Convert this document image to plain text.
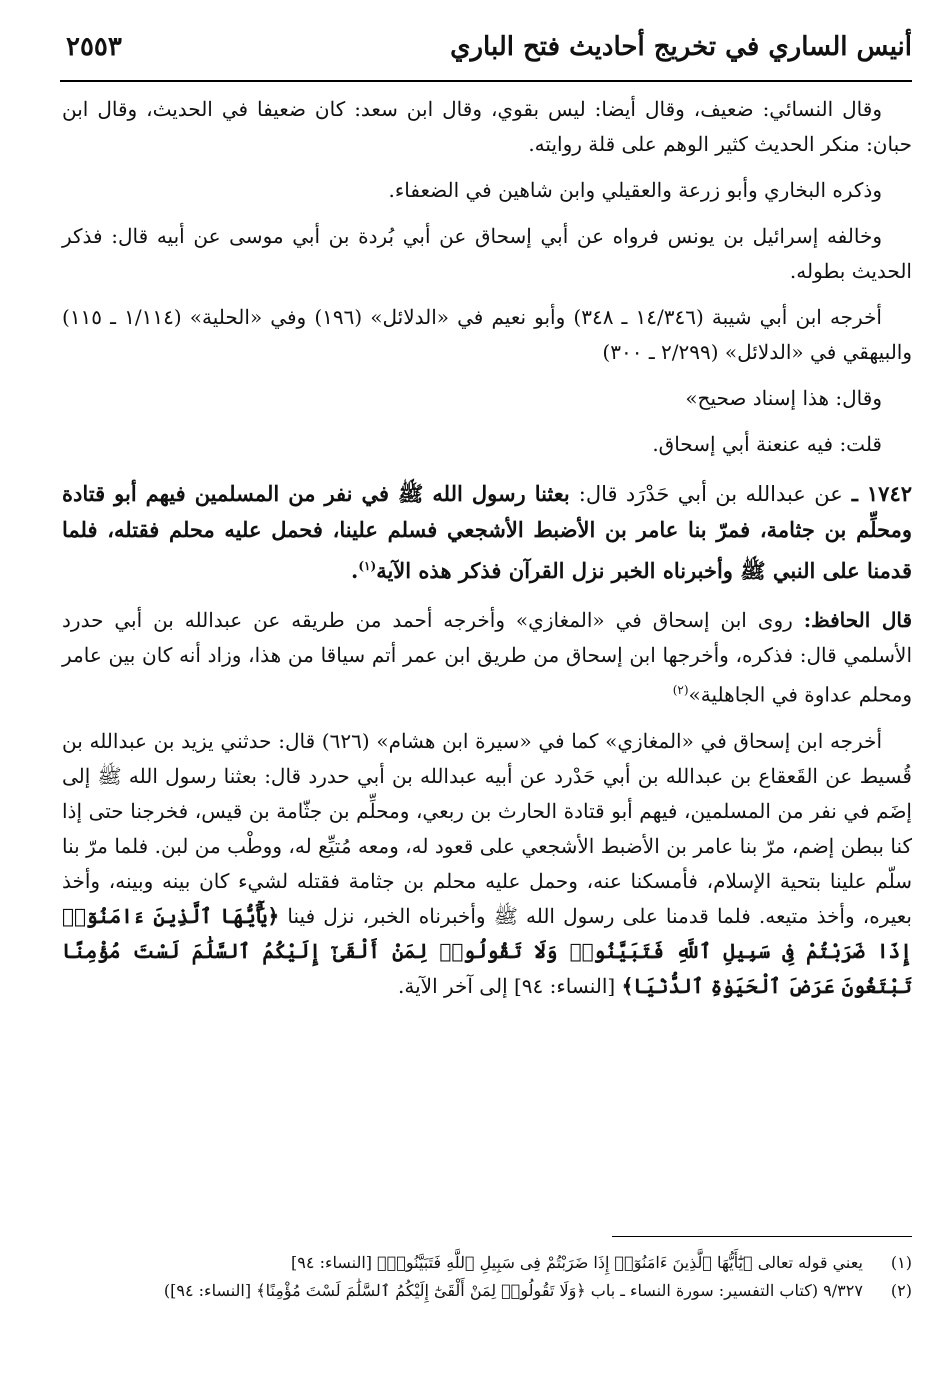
أنيس الساري في تخريج أحاديث فتح الباري
٢٥٥٣

وقال النسائي: ضعيف، وقال أيضا: ليس بقوي، وقال ابن سعد: كان ضعيفا في الحديث، وقال ابن حبان: منكر الحديث كثير الوهم على قلة روايته.

وذكره البخاري وأبو زرعة والعقيلي وابن شاهين في الضعفاء.

وخالفه إسرائيل بن يونس فرواه عن أبي إسحاق عن أبي بُردة بن أبي موسى عن أبيه قال: فذكر الحديث بطوله.

أخرجه ابن أبي شيبة (١٤/٣٤٦ ـ ٣٤٨) وأبو نعيم في «الدلائل» (١٩٦) وفي «الحلية» (١/١١٤ ـ ١١٥) والبيهقي في «الدلائل» (٢/٢٩٩ ـ ٣٠٠)

وقال: هذا إسناد صحيح»

قلت: فيه عنعنة أبي إسحاق.

١٧٤٢ ـ عن عبدالله بن أبي حَدْرَد قال: بعثنا رسول الله ﷺ في نفر من المسلمين فيهم أبو قتادة ومحلِّم بن جثامة، فمرّ بنا عامر بن الأضبط الأشجعي فسلم علينا، فحمل عليه محلم فقتله، فلما قدمنا على النبي ﷺ وأخبرناه الخبر نزل القرآن فذكر هذه الآية$^{(١)}$.

قال الحافظ: روى ابن إسحاق في «المغازي» وأخرجه أحمد من طريقه عن عبدالله بن أبي حدرد الأسلمي قال: فذكره، وأخرجها ابن إسحاق من طريق ابن عمر أتم سياقا من هذا، وزاد أنه كان بين عامر ومحلم عداوة في الجاهلية»$^{(٢)}$

أخرجه ابن إسحاق في «المغازي» كما في «سيرة ابن هشام» (٦٢٦) قال: حدثني يزيد بن عبدالله بن قُسيط عن القَعقاع بن عبدالله بن أبي حَدْرد عن أبيه عبدالله بن أبي حدرد قال: بعثنا رسول الله ﷺ إلى إضَم في نفر من المسلمين، فيهم أبو قتادة الحارث بن ربعي، ومحلِّم بن جثّامة بن قيس، فخرجنا حتى إذا كنا ببطن إضم، مرّ بنا عامر بن الأضبط الأشجعي على قعود له، ومعه مُتيِّع له، ووطْب من لبن. فلما مرّ بنا سلّم علينا بتحية الإسلام، فأمسكنا عنه، وحمل عليه محلم بن جثامة فقتله لشيء كان بينه وبينه، وأخذ بعيره، وأخذ متيعه. فلما قدمنا على رسول الله ﷺ وأخبرناه الخبر، نزل فينا ﴿يَٰٓأَيُّهَا ٱلَّذِينَ ءَامَنُوٓا۟ إِذَا ضَرَبْتُمْ فِى سَبِيلِ ٱللَّهِ فَتَبَيَّنُوا۟ وَلَا تَقُولُوا۟ لِمَنْ أَلْقَىٰٓ إِلَيْكُمُ ٱلسَّلَٰمَ لَسْتَ مُؤْمِنًا تَبْتَغُونَ عَرَضَ ٱلْحَيَوٰةِ ٱلدُّنْيَا﴾ [النساء: ٩٤] إلى آخر الآية.

(١) يعني قوله تعالى ﴿يَٰٓأَيُّهَا ٱلَّذِينَ ءَامَنُوٓا۟ إِذَا ضَرَبْتُمْ فِى سَبِيلِ ٱللَّهِ فَتَبَيَّنُوا۟﴾ [النساء: ٩٤]

(٢) ٩/٣٢٧ (كتاب التفسير: سورة النساء ـ باب ﴿وَلَا تَقُولُوا۟ لِمَنْ أَلْقَىٰٓ إِلَيْكُمُ ٱلسَّلَٰمَ لَسْتَ مُؤْمِنًا﴾ [النساء: ٩٤])
